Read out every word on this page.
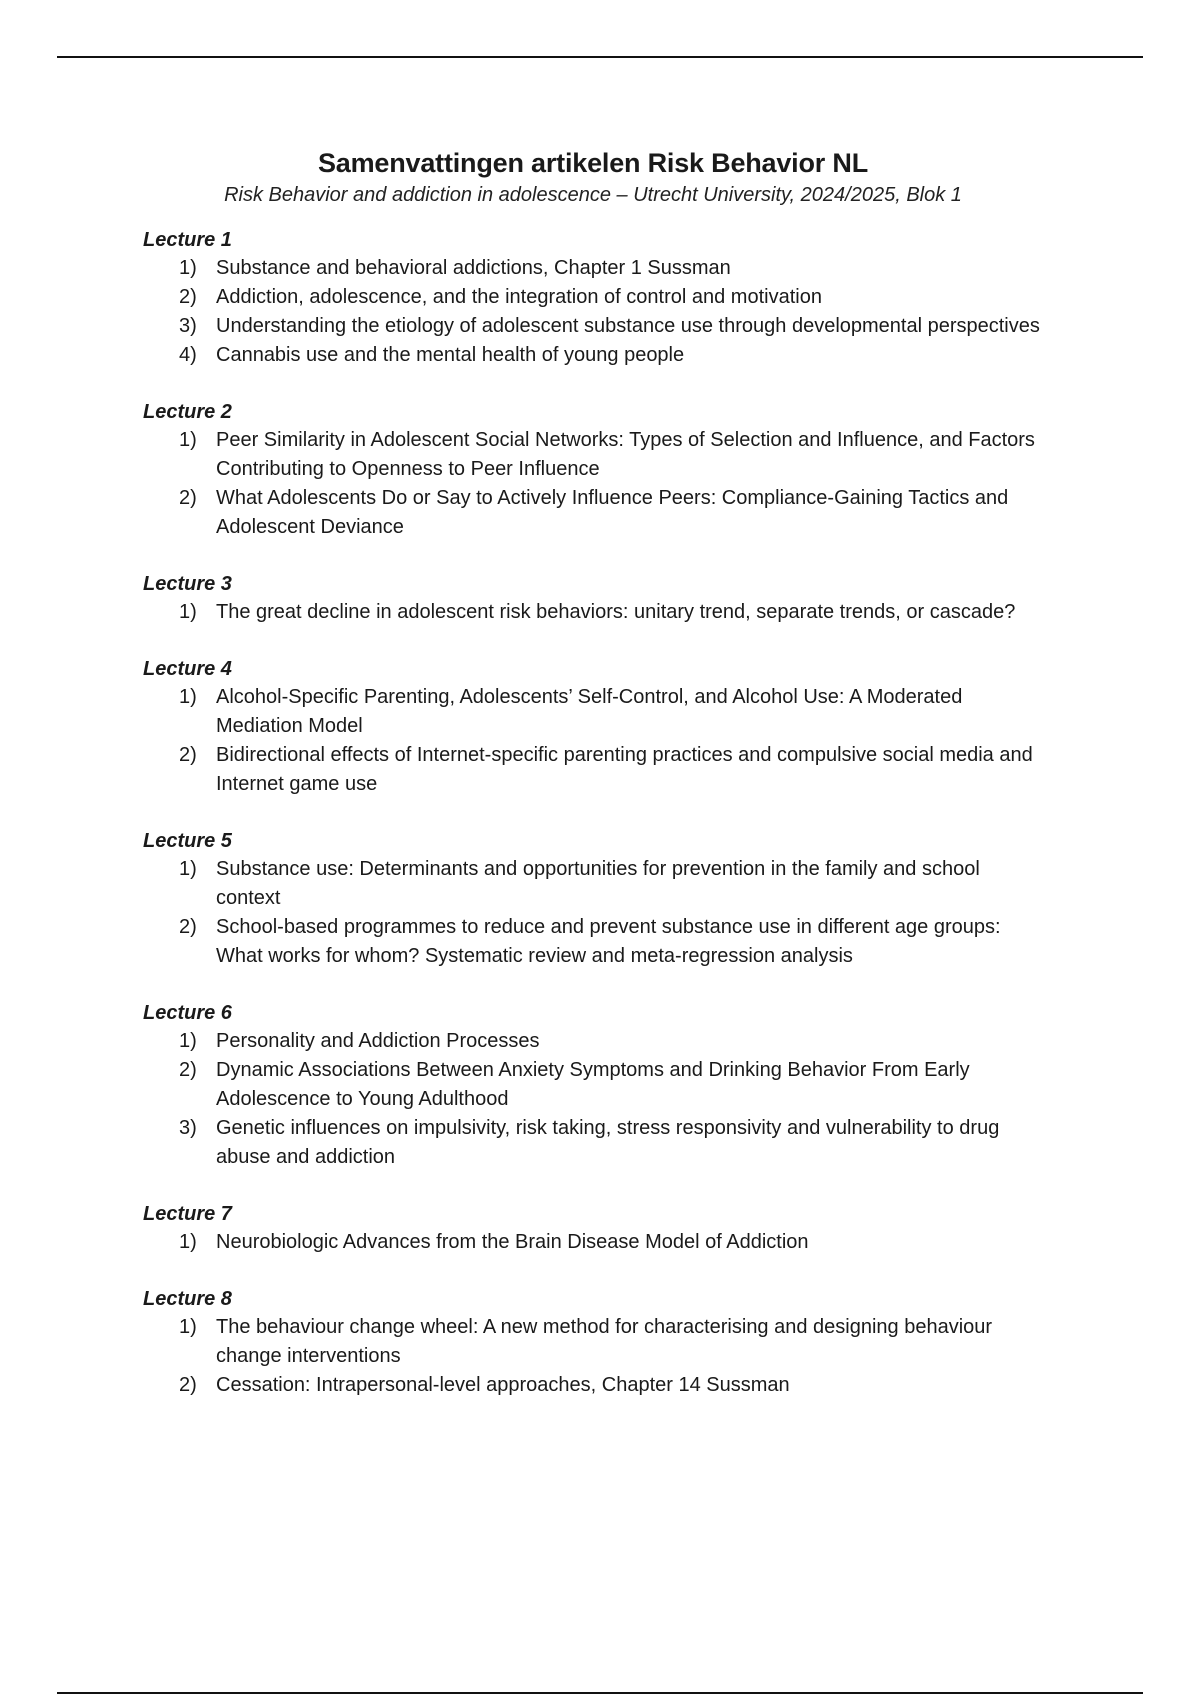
Samenvattingen artikelen Risk Behavior NL

Risk Behavior and addiction in adolescence – Utrecht University, 2024/2025, Blok 1

Lecture 1
1) Substance and behavioral addictions, Chapter 1 Sussman
2) Addiction, adolescence, and the integration of control and motivation
3) Understanding the etiology of adolescent substance use through developmental perspectives
4) Cannabis use and the mental health of young people
Lecture 2
1) Peer Similarity in Adolescent Social Networks: Types of Selection and Influence, and Factors Contributing to Openness to Peer Influence
2) What Adolescents Do or Say to Actively Influence Peers: Compliance-Gaining Tactics and Adolescent Deviance
Lecture 3
1) The great decline in adolescent risk behaviors: unitary trend, separate trends, or cascade?
Lecture 4
1) Alcohol-Specific Parenting, Adolescents’ Self-Control, and Alcohol Use: A Moderated Mediation Model
2) Bidirectional effects of Internet-specific parenting practices and compulsive social media and Internet game use
Lecture 5
1) Substance use: Determinants and opportunities for prevention in the family and school context
2) School-based programmes to reduce and prevent substance use in different age groups: What works for whom? Systematic review and meta-regression analysis
Lecture 6
1) Personality and Addiction Processes
2) Dynamic Associations Between Anxiety Symptoms and Drinking Behavior From Early Adolescence to Young Adulthood
3) Genetic influences on impulsivity, risk taking, stress responsivity and vulnerability to drug abuse and addiction
Lecture 7
1) Neurobiologic Advances from the Brain Disease Model of Addiction
Lecture 8
1) The behaviour change wheel: A new method for characterising and designing behaviour change interventions
2) Cessation: Intrapersonal-level approaches, Chapter 14 Sussman
